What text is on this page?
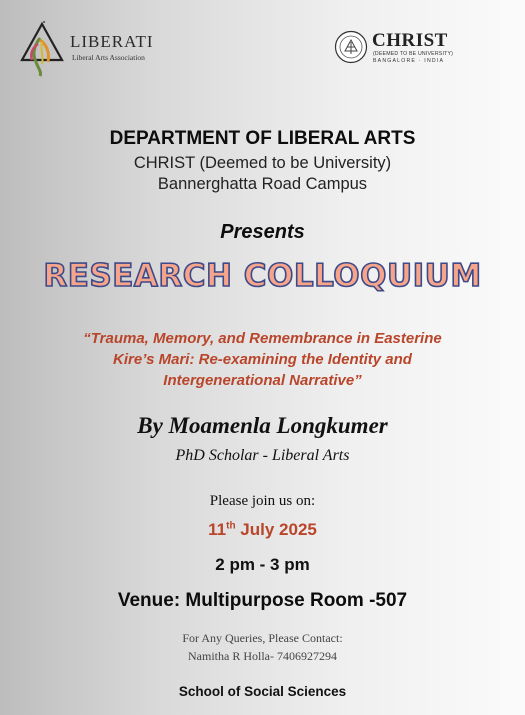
LIBERATI
Liberal Arts Association
CHRIST
(DEEMED TO BE UNIVERSITY)
BANGALORE · INDIA
DEPARTMENT OF LIBERAL ARTS
CHRIST (Deemed to be University)
Bannerghatta Road Campus
Presents
RESEARCH COLLOQUIUM
“Trauma, Memory, and Remembrance in Easterine
Kire’s Mari: Re-examining the Identity and
Intergenerational Narrative”
By Moamenla Longkumer
PhD Scholar - Liberal Arts
Please join us on:
11th July 2025
2 pm - 3 pm
Venue: Multipurpose Room -507
For Any Queries, Please Contact:
Namitha R Holla- 7406927294
School of Social Sciences
